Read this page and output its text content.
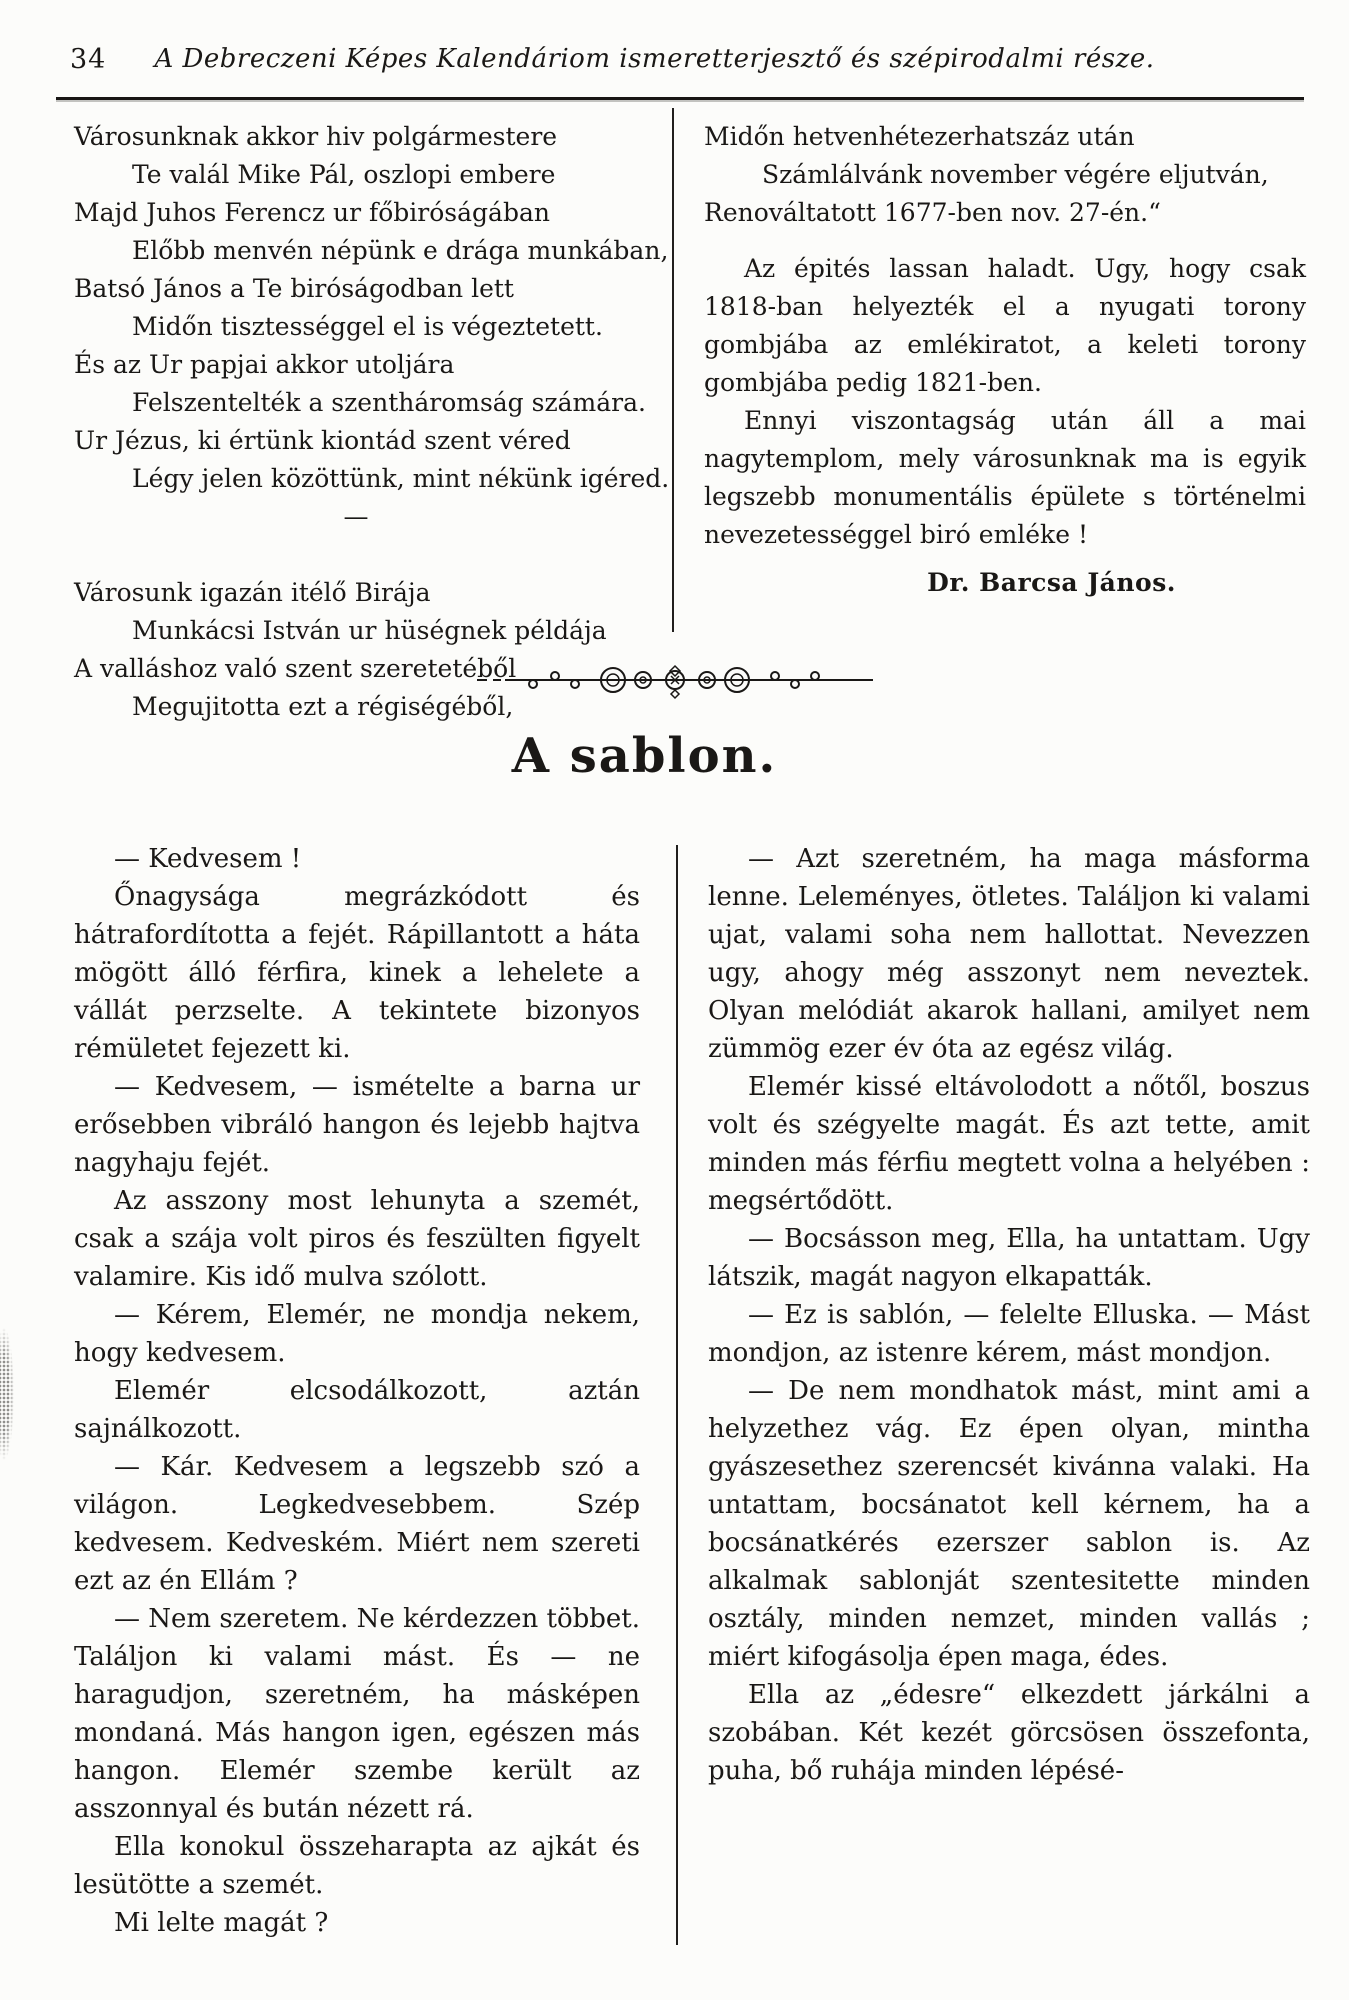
34	A Debreczeni Képes Kalendáriom ismeretterjesztő és szépirodalmi része.
Városunknak akkor hiv polgármestere
Te valál Mike Pál, oszlopi embere
Majd Juhos Ferencz ur főbiróságában
Előbb menvén népünk e drága munkában,
Batsó János a Te biróságodban lett
Midőn tisztességgel el is végeztetett.
És az Ur papjai akkor utoljára
Felszentelték a szentháromság számára.
Ur Jézus, ki értünk kiontád szent véred
Légy jelen közöttünk, mint nékünk igéred.
—
Városunk igazán itélő Birája
Munkácsi István ur hüségnek példája
A valláshoz való szent szeretetéből
Megujitotta ezt a régiségéből,
Midőn hetvenhétezerhatszáz után
Számlálvánk november végére eljutván,
Renováltatott 1677-ben nov. 27-én.“

Az épités lassan haladt. Ugy, hogy csak 1818-ban helyezték el a nyugati torony gombjába az emlékiratot, a keleti torony gombjába pedig 1821-ben.

Ennyi viszontagság után áll a mai nagytemplom, mely városunknak ma is egyik legszebb monumentális épülete s történelmi nevezetességgel biró emléke !

Dr. Barcsa János.
A sablon.

— Kedvesem !

Őnagysága megrázkódott és hátrafordította a fejét. Rápillantott a háta mögött álló férfira, kinek a lehelete a vállát perzselte. A tekintete bizonyos rémületet fejezett ki.

— Kedvesem, — ismételte a barna ur erősebben vibráló hangon és lejebb hajtva nagyhaju fejét.

Az asszony most lehunyta a szemét, csak a szája volt piros és feszülten figyelt valamire. Kis idő mulva szólott.

— Kérem, Elemér, ne mondja nekem, hogy kedvesem.

Elemér elcsodálkozott, aztán sajnálkozott.

— Kár. Kedvesem a legszebb szó a világon. Legkedvesebbem. Szép kedvesem. Kedveském. Miért nem szereti ezt az én Ellám ?

— Nem szeretem. Ne kérdezzen többet. Találjon ki valami mást. És — ne haragudjon, szeretném, ha másképen mondaná. Más hangon igen, egészen más hangon. Elemér szembe került az asszonnyal és bután nézett rá.

Ella konokul összeharapta az ajkát és lesütötte a szemét.

Mi lelte magát ?

— Azt szeretném, ha maga másforma lenne. Leleményes, ötletes. Találjon ki valami ujat, valami soha nem hallottat. Nevezzen ugy, ahogy még asszonyt nem neveztek. Olyan melódiát akarok hallani, amilyet nem zümmög ezer év óta az egész világ.

Elemér kissé eltávolodott a nőtől, boszus volt és szégyelte magát. És azt tette, amit minden más férfiu megtett volna a helyében : megsértődött.

— Bocsásson meg, Ella, ha untattam. Ugy látszik, magát nagyon elkapatták.

— Ez is sablón, — felelte Elluska. — Mást mondjon, az istenre kérem, mást mondjon.

— De nem mondhatok mást, mint ami a helyzethez vág. Ez épen olyan, mintha gyászesethez szerencsét kivánna valaki. Ha untattam, bocsánatot kell kérnem, ha a bocsánatkérés ezerszer sablon is. Az alkalmak sablonját szentesitette minden osztály, minden nemzet, minden vallás ; miért kifogásolja épen maga, édes.

Ella az „édesre“ elkezdett járkálni a szobában. Két kezét görcsösen összefonta, puha, bő ruhája minden lépésé-
